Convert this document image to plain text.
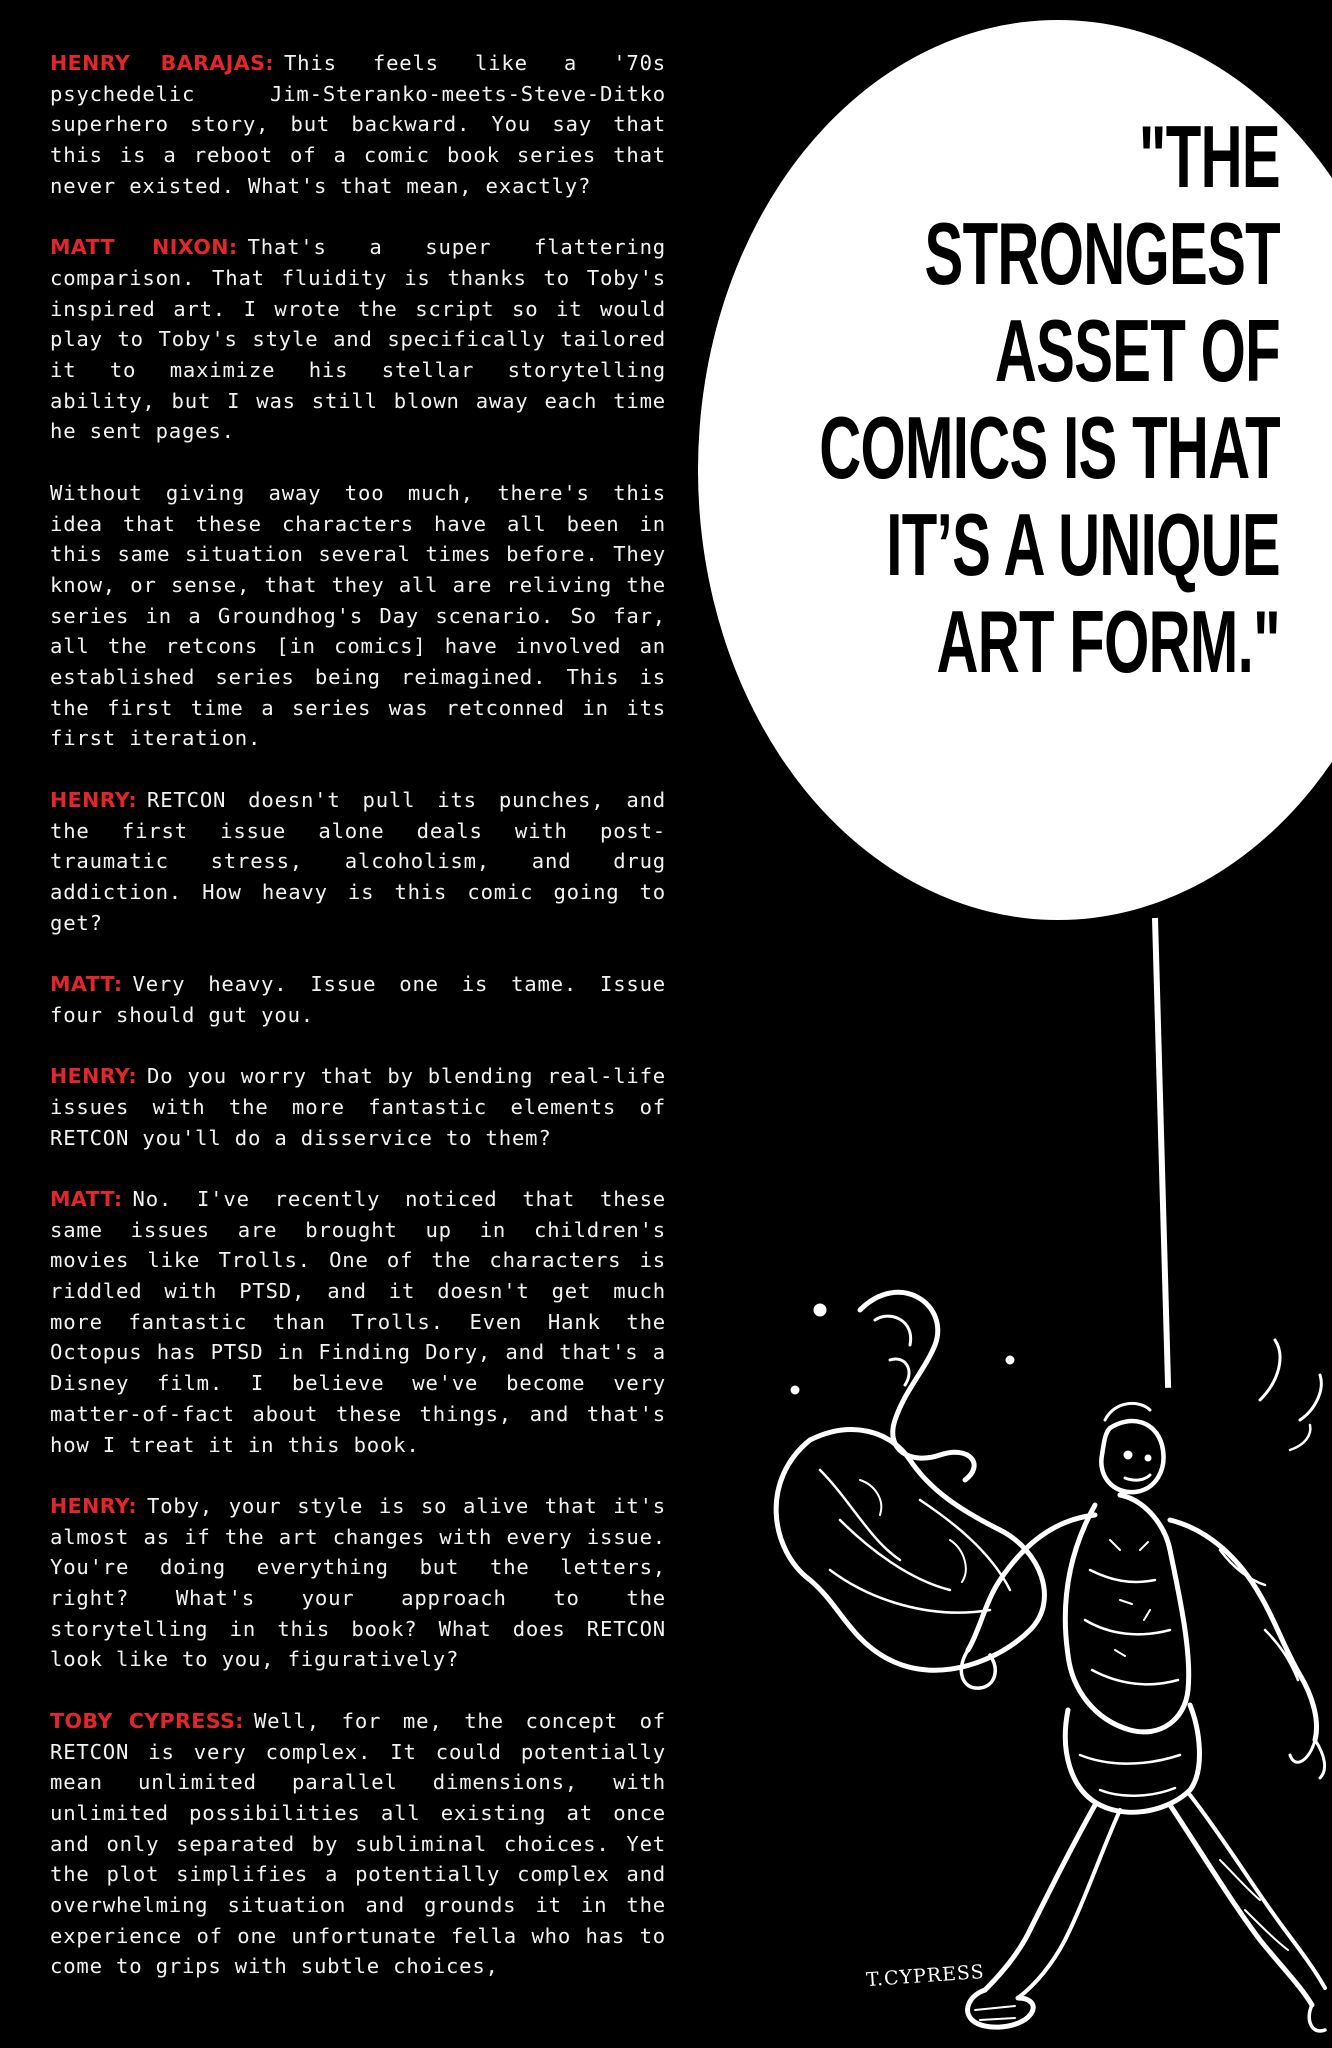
HENRY BARAJAS: This feels like a '70s psychedelic Jim-Steranko-meets-Steve-Ditko superhero story, but backward. You say that this is a reboot of a comic book series that never existed. What's that mean, exactly?

MATT NIXON: That's a super flattering comparison. That fluidity is thanks to Toby's inspired art. I wrote the script so it would play to Toby's style and specifically tailored it to maximize his stellar storytelling ability, but I was still blown away each time he sent pages.

Without giving away too much, there's this idea that these characters have all been in this same situation several times before. They know, or sense, that they all are reliving the series in a Groundhog's Day scenario. So far, all the retcons [in comics] have involved an established series being reimagined. This is the first time a series was retconned in its first iteration.

HENRY: RETCON doesn't pull its punches, and the first issue alone deals with post-traumatic stress, alcoholism, and drug addiction. How heavy is this comic going to get?

MATT: Very heavy. Issue one is tame. Issue four should gut you.

HENRY: Do you worry that by blending real-life issues with the more fantastic elements of RETCON you'll do a disservice to them?

MATT: No. I've recently noticed that these same issues are brought up in children's movies like Trolls. One of the characters is riddled with PTSD, and it doesn't get much more fantastic than Trolls. Even Hank the Octopus has PTSD in Finding Dory, and that's a Disney film. I believe we've become very matter-of-fact about these things, and that's how I treat it in this book.

HENRY: Toby, your style is so alive that it's almost as if the art changes with every issue. You're doing everything but the letters, right? What's your approach to the storytelling in this book? What does RETCON look like to you, figuratively?

TOBY CYPRESS: Well, for me, the concept of RETCON is very complex. It could potentially mean unlimited parallel dimensions, with unlimited possibilities all existing at once and only separated by subliminal choices. Yet the plot simplifies a potentially complex and overwhelming situation and grounds it in the experience of one unfortunate fella who has to come to grips with subtle choices,

"THE
STRONGEST
ASSET OF
COMICS IS THAT
IT’S A UNIQUE
ART FORM."
T.CYPRESS
